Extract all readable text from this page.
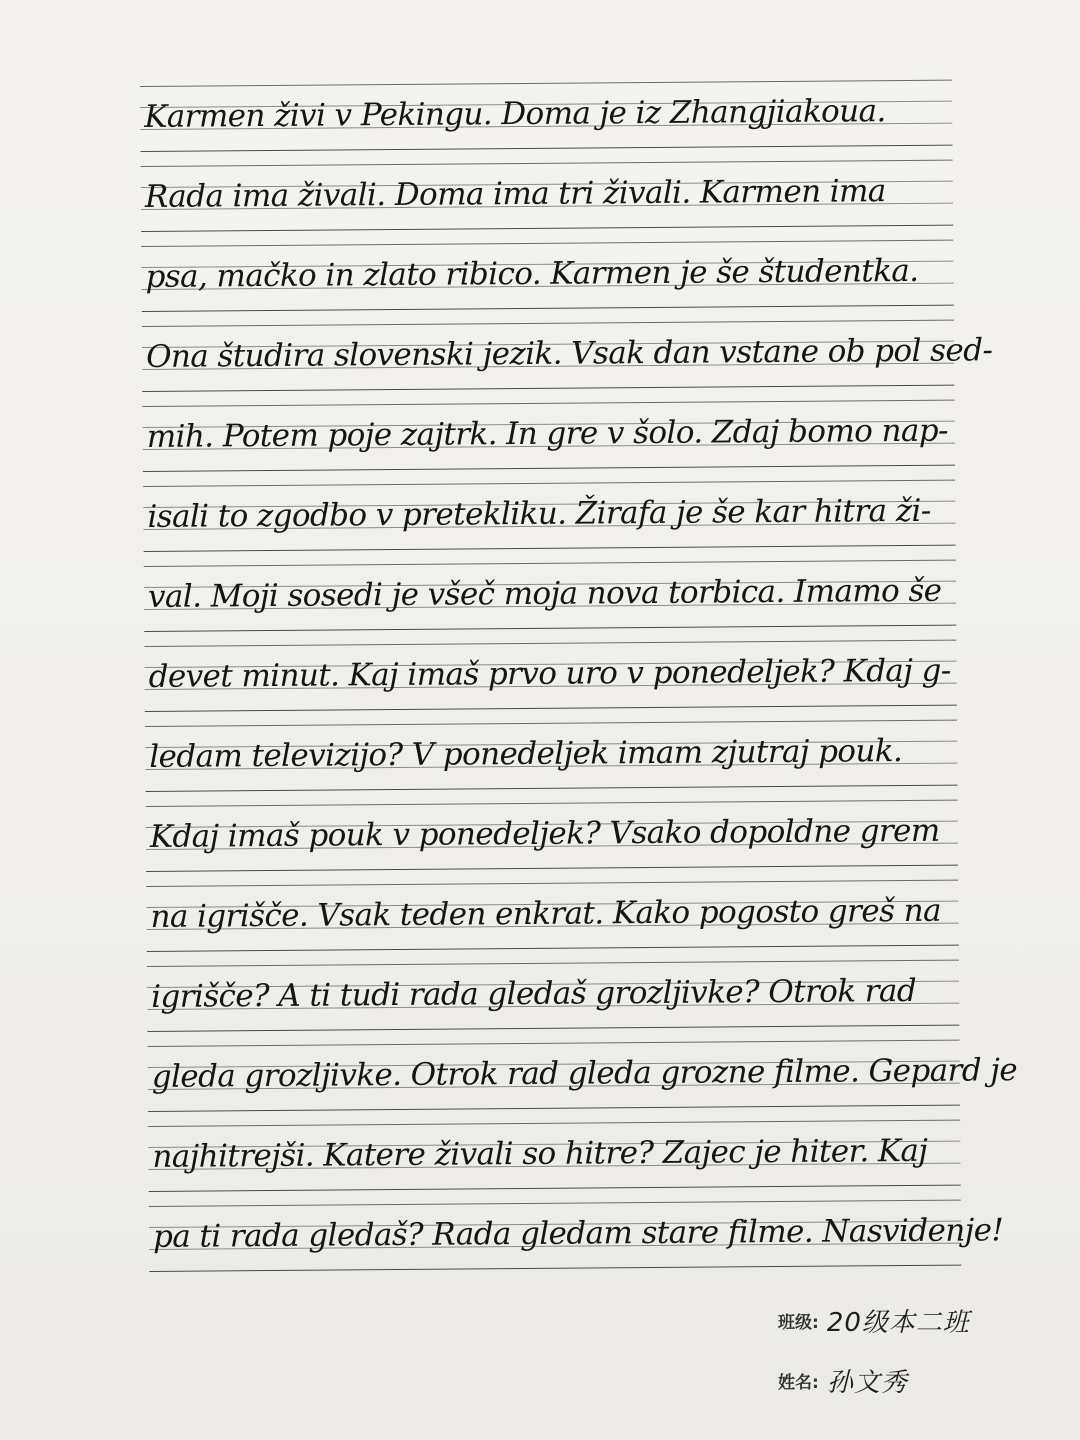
Karmen živi v Pekingu. Doma je iz Zhangjiakoua.
Rada ima živali. Doma ima tri živali. Karmen ima
psa, mačko in zlato ribico. Karmen je še študentka.
Ona študira slovenski jezik. Vsak dan vstane ob pol sed-
mih. Potem poje zajtrk. In gre v šolo. Zdaj bomo nap-
isali to zgodbo v pretekliku. Žirafa je še kar hitra ži-
val. Moji sosedi je všeč moja nova torbica. Imamo še
devet minut. Kaj imaš prvo uro v ponedeljek? Kdaj g-
ledam televizijo? V ponedeljek imam zjutraj pouk.
Kdaj imaš pouk v ponedeljek? Vsako dopoldne grem
na igrišče. Vsak teden enkrat. Kako pogosto greš na
igrišče? A ti tudi rada gledaš grozljivke? Otrok rad
gleda grozljivke. Otrok rad gleda grozne filme. Gepard je
najhitrejši. Katere živali so hitre? Zajec je hiter. Kaj
pa ti rada gledaš? Rada gledam stare filme. Nasvidenje!
班级: 20级本二班
姓名: 孙文秀
